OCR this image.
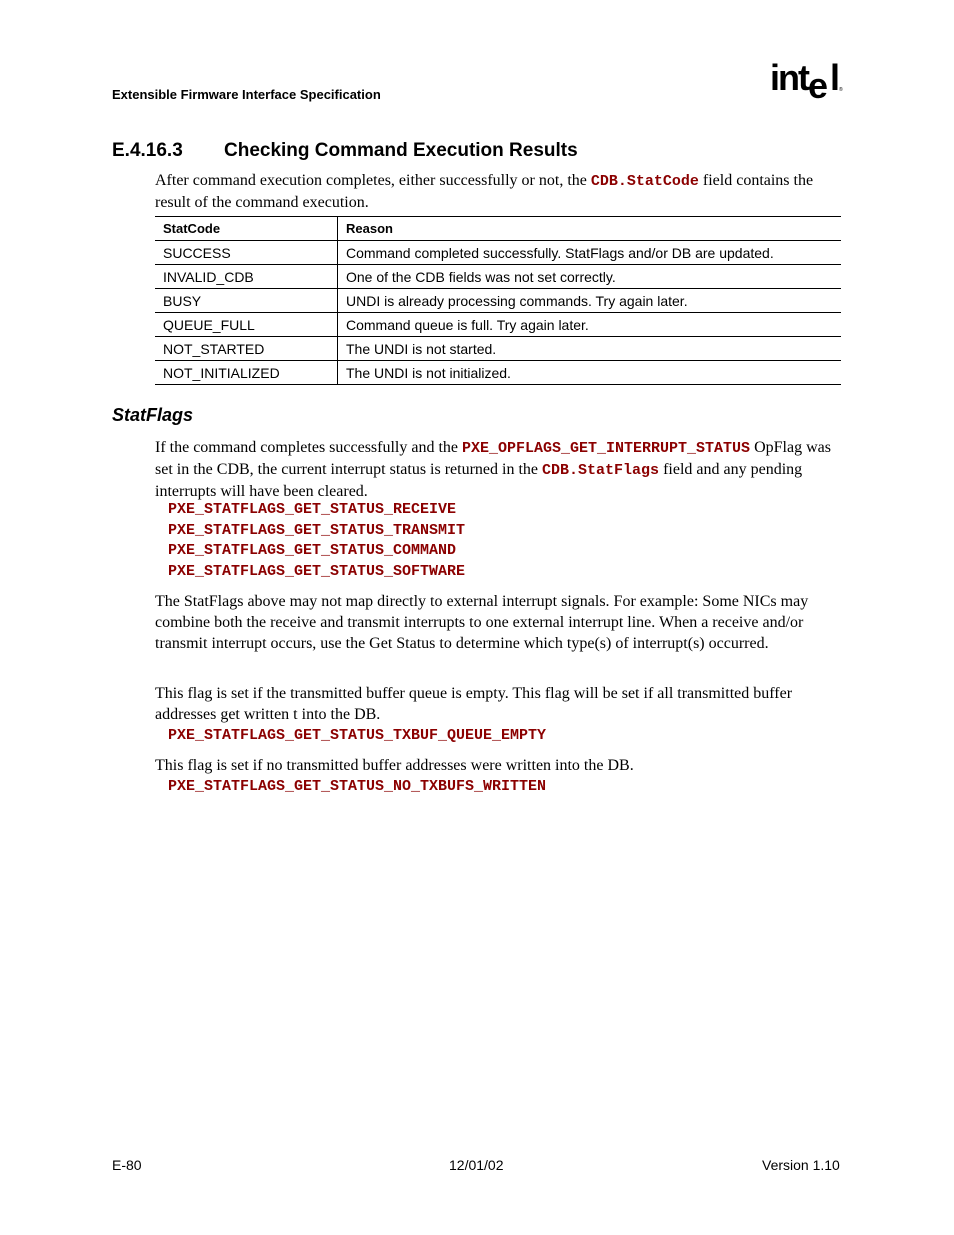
Extensible Firmware Interface Specification	int e l
®
E.4.16.3 Checking Command Execution Results
After command execution completes, either successfully or not, the CDB.StatCode field contains the result of the command execution.
StatCode	Reason
SUCCESS	Command completed successfully. StatFlags and/or DB are updated.
INVALID_CDB	One of the CDB fields was not set correctly.
BUSY	UNDI is already processing commands. Try again later.
QUEUE_FULL	Command queue is full. Try again later.
NOT_STARTED	The UNDI is not started.
NOT_INITIALIZED	The UNDI is not initialized.
StatFlags
If the command completes successfully and the PXE_OPFLAGS_GET_INTERRUPT_STATUS OpFlag was set in the CDB, the current interrupt status is returned in the CDB.StatFlags field and any pending interrupts will have been cleared.
PXE_STATFLAGS_GET_STATUS_RECEIVE
PXE_STATFLAGS_GET_STATUS_TRANSMIT
PXE_STATFLAGS_GET_STATUS_COMMAND
PXE_STATFLAGS_GET_STATUS_SOFTWARE
The StatFlags above may not map directly to external interrupt signals. For example: Some NICs may combine both the receive and transmit interrupts to one external interrupt line. When a receive and/or transmit interrupt occurs, use the Get Status to determine which type(s) of interrupt(s) occurred.
This flag is set if the transmitted buffer queue is empty. This flag will be set if all transmitted buffer addresses get written t into the DB.
PXE_STATFLAGS_GET_STATUS_TXBUF_QUEUE_EMPTY
This flag is set if no transmitted buffer addresses were written into the DB.
PXE_STATFLAGS_GET_STATUS_NO_TXBUFS_WRITTEN
E-80	12/01/02	Version 1.10
